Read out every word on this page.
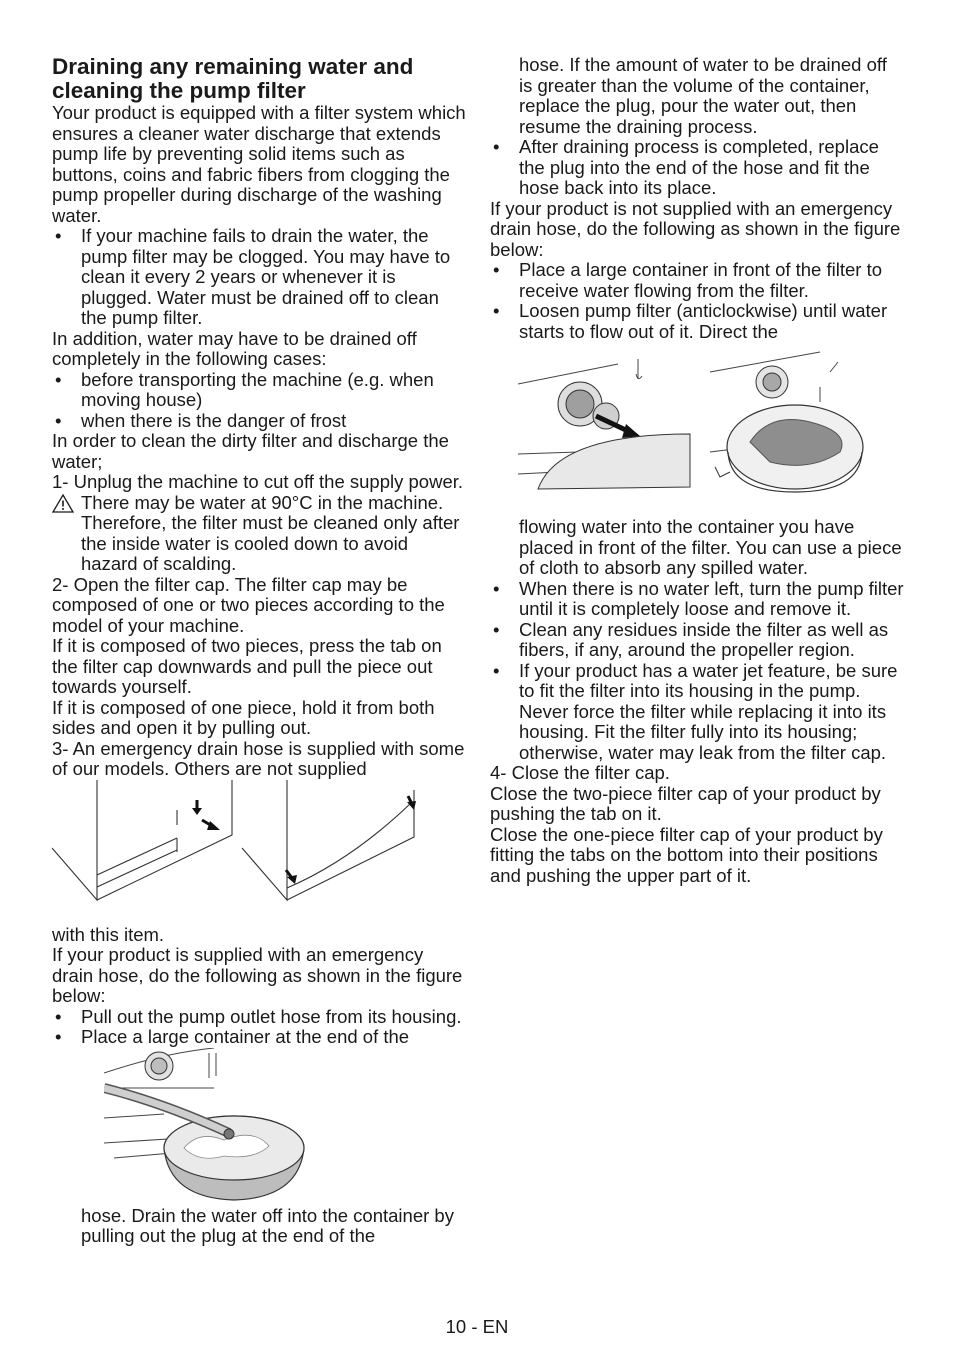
Draining any remaining water and cleaning the pump filter

Your product is equipped with a filter system which ensures a cleaner water discharge that extends pump life by preventing solid items such as buttons, coins and fabric fibers from clogging the pump propeller during discharge of the washing water.

• If your machine fails to drain the water, the pump filter may be clogged. You may have to clean it every 2 years or whenever it is plugged. Water must be drained off to clean the pump filter.

In addition, water may have to be drained off completely in the following cases:

• before transporting the machine (e.g. when moving house)
• when there is the danger of frost

In order to clean the dirty filter and discharge the water;

1- Unplug the machine to cut off the supply power.

There may be water at 90°C in the machine. Therefore, the filter must be cleaned only after the inside water is cooled down to avoid hazard of scalding.

2- Open the filter cap. The filter cap may be composed of one or two pieces according to the model of your machine.

If it is composed of two pieces, press the tab on the filter cap downwards and pull the piece out towards yourself.

If it is composed of one piece, hold it from both sides and open it by pulling out.

3- An emergency drain hose is supplied with some of our models. Others are not supplied

with this item.

If your product is supplied with an emergency drain hose, do the following as shown in the figure below:

• Pull out the pump outlet hose from its housing.
• Place a large container at the end of the

hose. Drain the water off into the container by pulling out the plug at the end of the

hose. If the amount of water to be drained off is greater than the volume of the container, replace the plug, pour the water out, then resume the draining process.

• After draining process is completed, replace the plug into the end of the hose and fit the hose back into its place.

If your product is not supplied with an emergency drain hose, do the following as shown in the figure below:

• Place a large container in front of the filter to receive water flowing from the filter.
• Loosen pump filter (anticlockwise) until water starts to flow out of it. Direct the

flowing water into the container you have placed in front of the filter. You can use a piece of cloth to absorb any spilled water.

• When there is no water left, turn the pump filter until it is completely loose and remove it.
• Clean any residues inside the filter as well as fibers, if any, around the propeller region.
• If your product has a water jet feature, be sure to fit the filter into its housing in the pump. Never force the filter while replacing it into its housing. Fit the filter fully into its housing; otherwise, water may leak from the filter cap.

4- Close the filter cap.

Close the two-piece filter cap of your product by pushing the tab on it.

Close the one-piece filter cap of your product by fitting the tabs on the bottom into their positions and pushing the upper part of it.

10 - EN
